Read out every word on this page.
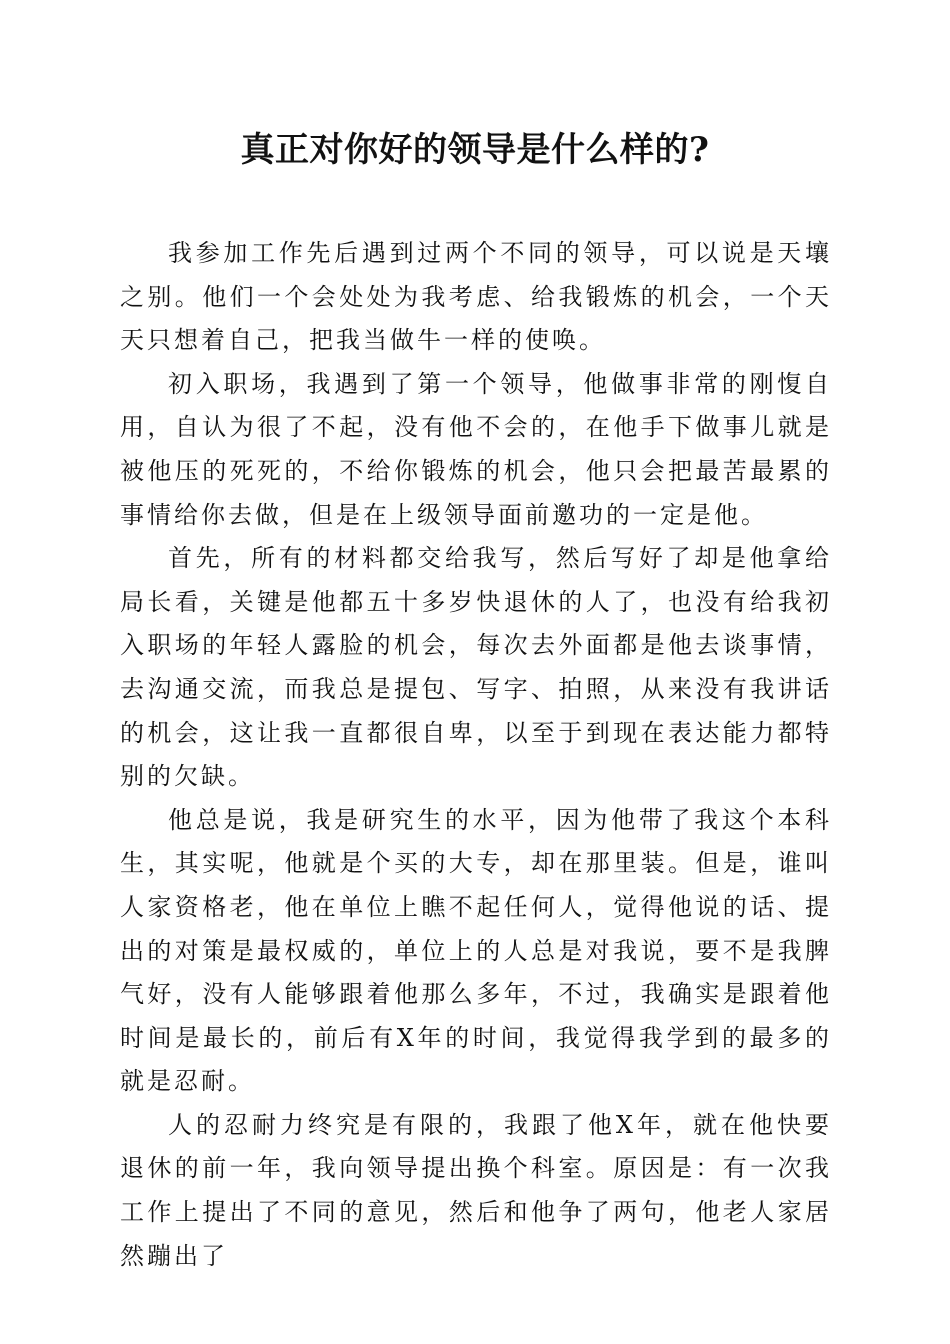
真正对你好的领导是什么样的?

我参加工作先后遇到过两个不同的领导，可以说是天壤之别。他们一个会处处为我考虑、给我锻炼的机会，一个天天只想着自己，把我当做牛一样的使唤。

初入职场，我遇到了第一个领导，他做事非常的刚愎自用，自认为很了不起，没有他不会的，在他手下做事儿就是被他压的死死的，不给你锻炼的机会，他只会把最苦最累的事情给你去做，但是在上级领导面前邀功的一定是他。

首先，所有的材料都交给我写，然后写好了却是他拿给局长看，关键是他都五十多岁快退休的人了，也没有给我初入职场的年轻人露脸的机会，每次去外面都是他去谈事情，去沟通交流，而我总是提包、写字、拍照，从来没有我讲话的机会，这让我一直都很自卑，以至于到现在表达能力都特别的欠缺。

他总是说，我是研究生的水平，因为他带了我这个本科生，其实呢，他就是个买的大专，却在那里装。但是，谁叫人家资格老，他在单位上瞧不起任何人，觉得他说的话、提出的对策是最权威的，单位上的人总是对我说，要不是我脾气好，没有人能够跟着他那么多年，不过，我确实是跟着他时间是最长的，前后有X年的时间，我觉得我学到的最多的就是忍耐。

人的忍耐力终究是有限的，我跟了他X年，就在他快要退休的前一年，我向领导提出换个科室。原因是：有一次我工作上提出了不同的意见，然后和他争了两句，他老人家居然蹦出了
